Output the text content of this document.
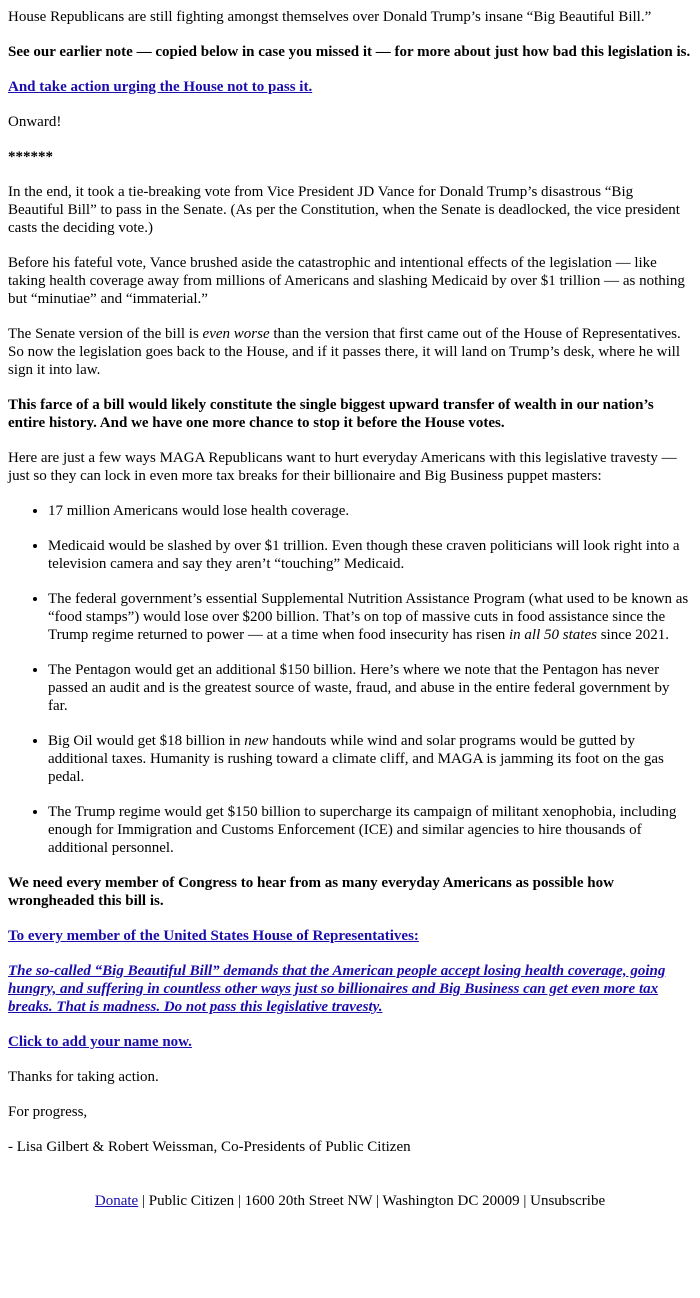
House Republicans are still fighting amongst themselves over Donald Trump’s insane “Big Beautiful Bill.”

See our earlier note — copied below in case you missed it — for more about just how bad this legislation is.

And take action urging the House not to pass it.

Onward!

******

In the end, it took a tie-breaking vote from Vice President JD Vance for Donald Trump’s disastrous “Big Beautiful Bill” to pass in the Senate. (As per the Constitution, when the Senate is deadlocked, the vice president casts the deciding vote.)

Before his fateful vote, Vance brushed aside the catastrophic and intentional effects of the legislation — like taking health coverage away from millions of Americans and slashing Medicaid by over $1 trillion — as nothing but “minutiae” and “immaterial.”

The Senate version of the bill is even worse than the version that first came out of the House of Representatives. So now the legislation goes back to the House, and if it passes there, it will land on Trump’s desk, where he will sign it into law.

This farce of a bill would likely constitute the single biggest upward transfer of wealth in our nation’s entire history. And we have one more chance to stop it before the House votes.

Here are just a few ways MAGA Republicans want to hurt everyday Americans with this legislative travesty — just so they can lock in even more tax breaks for their billionaire and Big Business puppet masters:

• 17 million Americans would lose health coverage.
• Medicaid would be slashed by over $1 trillion. Even though these craven politicians will look right into a television camera and say they aren’t “touching” Medicaid.
• The federal government’s essential Supplemental Nutrition Assistance Program (what used to be known as “food stamps”) would lose over $200 billion. That’s on top of massive cuts in food assistance since the Trump regime returned to power — at a time when food insecurity has risen in all 50 states since 2021.
• The Pentagon would get an additional $150 billion. Here’s where we note that the Pentagon has never passed an audit and is the greatest source of waste, fraud, and abuse in the entire federal government by far.
• Big Oil would get $18 billion in new handouts while wind and solar programs would be gutted by additional taxes. Humanity is rushing toward a climate cliff, and MAGA is jamming its foot on the gas pedal.
• The Trump regime would get $150 billion to supercharge its campaign of militant xenophobia, including enough for Immigration and Customs Enforcement (ICE) and similar agencies to hire thousands of additional personnel.

We need every member of Congress to hear from as many everyday Americans as possible how wrongheaded this bill is.

To every member of the United States House of Representatives:

The so-called “Big Beautiful Bill” demands that the American people accept losing health coverage, going hungry, and suffering in countless other ways just so billionaires and Big Business can get even more tax breaks. That is madness. Do not pass this legislative travesty.

Click to add your name now.

Thanks for taking action.

For progress,

- Lisa Gilbert & Robert Weissman, Co-Presidents of Public Citizen

Donate | Public Citizen | 1600 20th Street NW | Washington DC 20009 | Unsubscribe
